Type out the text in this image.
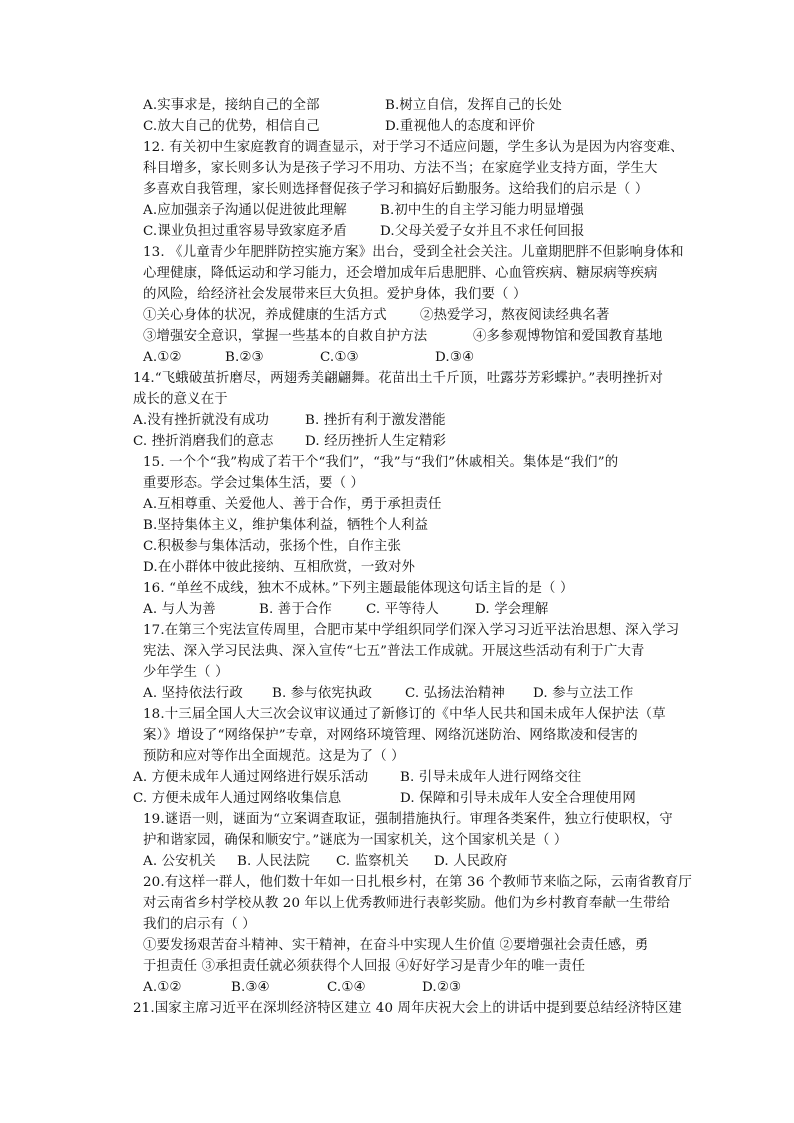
A.实事求是，接纳自己的全部	B.树立自信，发挥自己的长处
C.放大自己的优势，相信自己	D.重视他人的态度和评价
12. 有关初中生家庭教育的调查显示，对于学习不适应问题，学生多认为是因为内容变难、
科目增多，家长则多认为是孩子学习不用功、方法不当；在家庭学业支持方面，学生大
多喜欢自我管理，家长则选择督促孩子学习和搞好后勤服务。这给我们的启示是（ ）
A.应加强亲子沟通以促进彼此理解 B.初中生的自主学习能力明显增强
C.课业负担过重容易导致家庭矛盾 D.父母关爱子女并且不求任何回报
13. 《儿童青少年肥胖防控实施方案》出台，受到全社会关注。儿童期肥胖不但影响身体和
心理健康，降低运动和学习能力，还会增加成年后患肥胖、心血管疾病、糖尿病等疾病
的风险，给经济社会发展带来巨大负担。爱护身体，我们要（ ）
①关心身体的状况，养成健康的生活方式 ②热爱学习，熬夜阅读经典名著
③增强安全意识，掌握一些基本的自救自护方法	④多参观博物馆和爱国教育基地
A.①②	B.②③	C.①③	D.③④
14.“飞蛾破茧折磨尽，两翅秀美翩翩舞。花苗出土千斤顶，吐露芬芳彩蝶护。”表明挫折对
成长的意义在于
A.没有挫折就没有成功	B. 挫折有利于激发潜能
C. 挫折消磨我们的意志 D. 经历挫折人生定精彩
15. 一个个“我”构成了若干个“我们”，“我”与“我们”休戚相关。集体是“我们”的
重要形态。学会过集体生活，要（ ）
A.互相尊重、关爱他人、善于合作，勇于承担责任
B.坚持集体主义，维护集体利益，牺牲个人利益
C.积极参与集体活动，张扬个性，自作主张
D.在小群体中彼此接纳、互相欣赏，一致对外
16. “单丝不成线，独木不成林。”下列主题最能体现这句话主旨的是（ ）
A. 与人为善	B. 善于合作	C. 平等待人	D. 学会理解
17.在第三个宪法宣传周里，合肥市某中学组织同学们深入学习习近平法治思想、深入学习
宪法、深入学习民法典、深入宣传“七五”普法工作成就。开展这些活动有利于广大青
少年学生（ ）
A. 坚持依法行政 B. 参与依宪执政 C. 弘扬法治精神 D. 参与立法工作
18.十三届全国人大三次会议审议通过了新修订的《中华人民共和国未成年人保护法（草
案）》增设了“网络保护”专章，对网络环境管理、网络沉迷防治、网络欺凌和侵害的
预防和应对等作出全面规范。这是为了（ ）
A. 方便未成年人通过网络进行娱乐活动 B. 引导未成年人进行网络交往
C. 方便未成年人通过网络收集信息	D. 保障和引导未成年人安全合理使用网
19.谜语一则，谜面为“立案调查取证，强制措施执行。审理各类案件，独立行使职权，守
护和谐家园，确保和顺安宁。”谜底为一国家机关，这个国家机关是（ ）
A. 公安机关 B. 人民法院 C. 监察机关 D. 人民政府
20.有这样一群人，他们数十年如一日扎根乡村，在第 36 个教师节来临之际，云南省教育厅
对云南省乡村学校从教 20 年以上优秀教师进行表彰奖励。他们为乡村教育奉献一生带给
我们的启示有（ ）
①要发扬艰苦奋斗精神、实干精神，在奋斗中实现人生价值 ②要增强社会责任感，勇
于担责任 ③承担责任就必须获得个人回报 ④好好学习是青少年的唯一责任
A.①②	B.③④	C.①④	D.②③
21.国家主席习近平在深圳经济特区建立 40 周年庆祝大会上的讲话中提到要总结经济特区建
